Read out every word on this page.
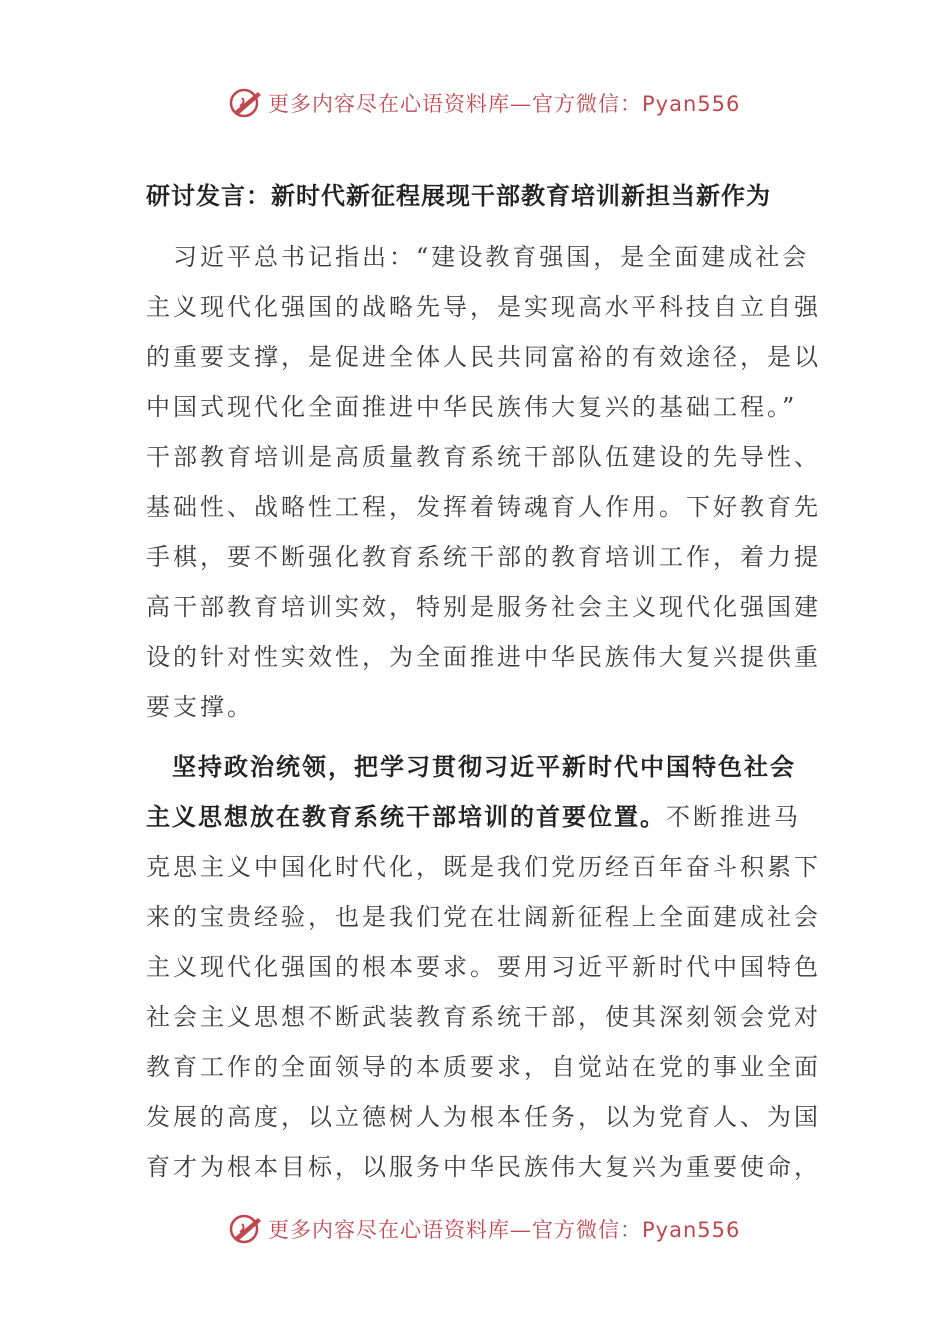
更多内容尽在心语资料库—官方微信：Pyan556
研讨发言：新时代新征程展现干部教育培训新担当新作为
　习近平总书记指出：“建设教育强国，是全面建成社会
主义现代化强国的战略先导，是实现高水平科技自立自强
的重要支撑，是促进全体人民共同富裕的有效途径，是以
中国式现代化全面推进中华民族伟大复兴的基础工程。”
干部教育培训是高质量教育系统干部队伍建设的先导性、
基础性、战略性工程，发挥着铸魂育人作用。下好教育先
手棋，要不断强化教育系统干部的教育培训工作，着力提
高干部教育培训实效，特别是服务社会主义现代化强国建
设的针对性实效性，为全面推进中华民族伟大复兴提供重
要支撑。
　坚持政治统领，把学习贯彻习近平新时代中国特色社会
主义思想放在教育系统干部培训的首要位置。不断推进马
克思主义中国化时代化，既是我们党历经百年奋斗积累下
来的宝贵经验，也是我们党在壮阔新征程上全面建成社会
主义现代化强国的根本要求。要用习近平新时代中国特色
社会主义思想不断武装教育系统干部，使其深刻领会党对
教育工作的全面领导的本质要求，自觉站在党的事业全面
发展的高度，以立德树人为根本任务，以为党育人、为国
育才为根本目标，以服务中华民族伟大复兴为重要使命，
更多内容尽在心语资料库—官方微信：Pyan556
